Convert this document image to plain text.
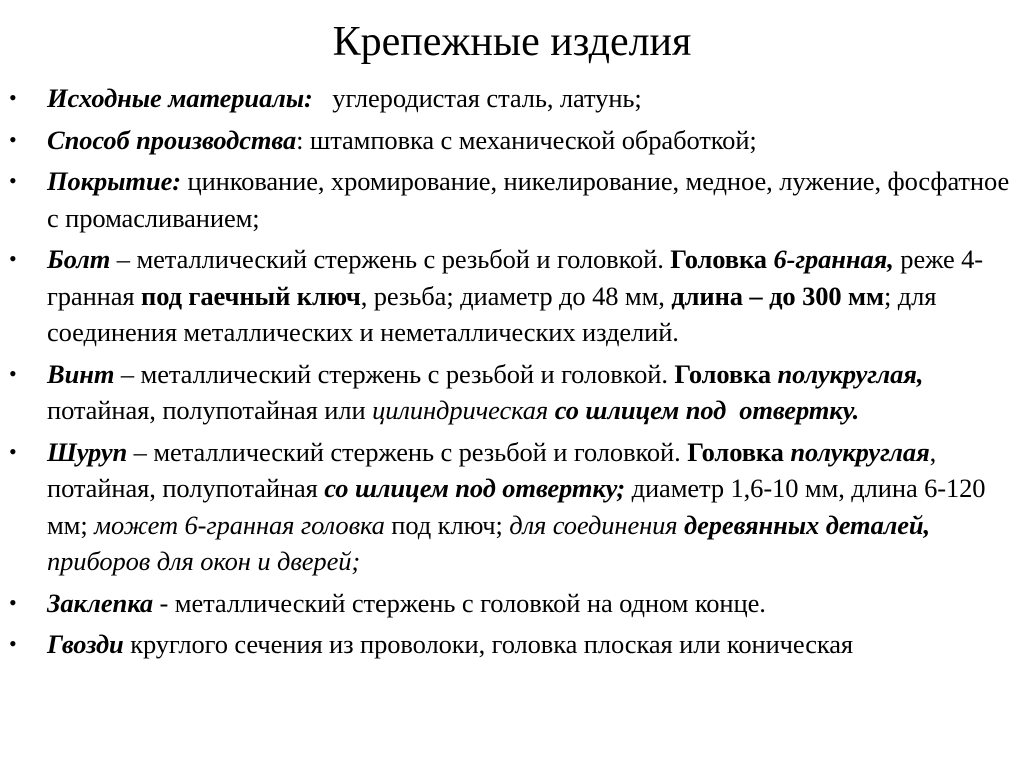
Крепежные изделия
• Исходные материалы:   углеродистая сталь, латунь;
• Способ производства: штамповка с механической обработкой;
• Покрытие: цинкование, хромирование, никелирование, медное, лужение, фосфатное с промасливанием;
• Болт – металлический стержень с резьбой и головкой. Головка 6-гранная, реже 4-гранная под гаечный ключ, резьба; диаметр до 48 мм, длина – до 300 мм; для соединения металлических и неметаллических изделий.
• Винт – металлический стержень с резьбой и головкой. Головка полукруглая, потайная, полупотайная или цилиндрическая со шлицем под  отвертку.
• Шуруп – металлический стержень с резьбой и головкой. Головка полукруглая, потайная, полупотайная со шлицем под отвертку; диаметр 1,6-10 мм, длина 6-120 мм; может 6-гранная головка под ключ; для соединения деревянных деталей, приборов для окон и дверей;
• Заклепка - металлический стержень с головкой на одном конце.
• Гвозди круглого сечения из проволоки, головка плоская или коническая
